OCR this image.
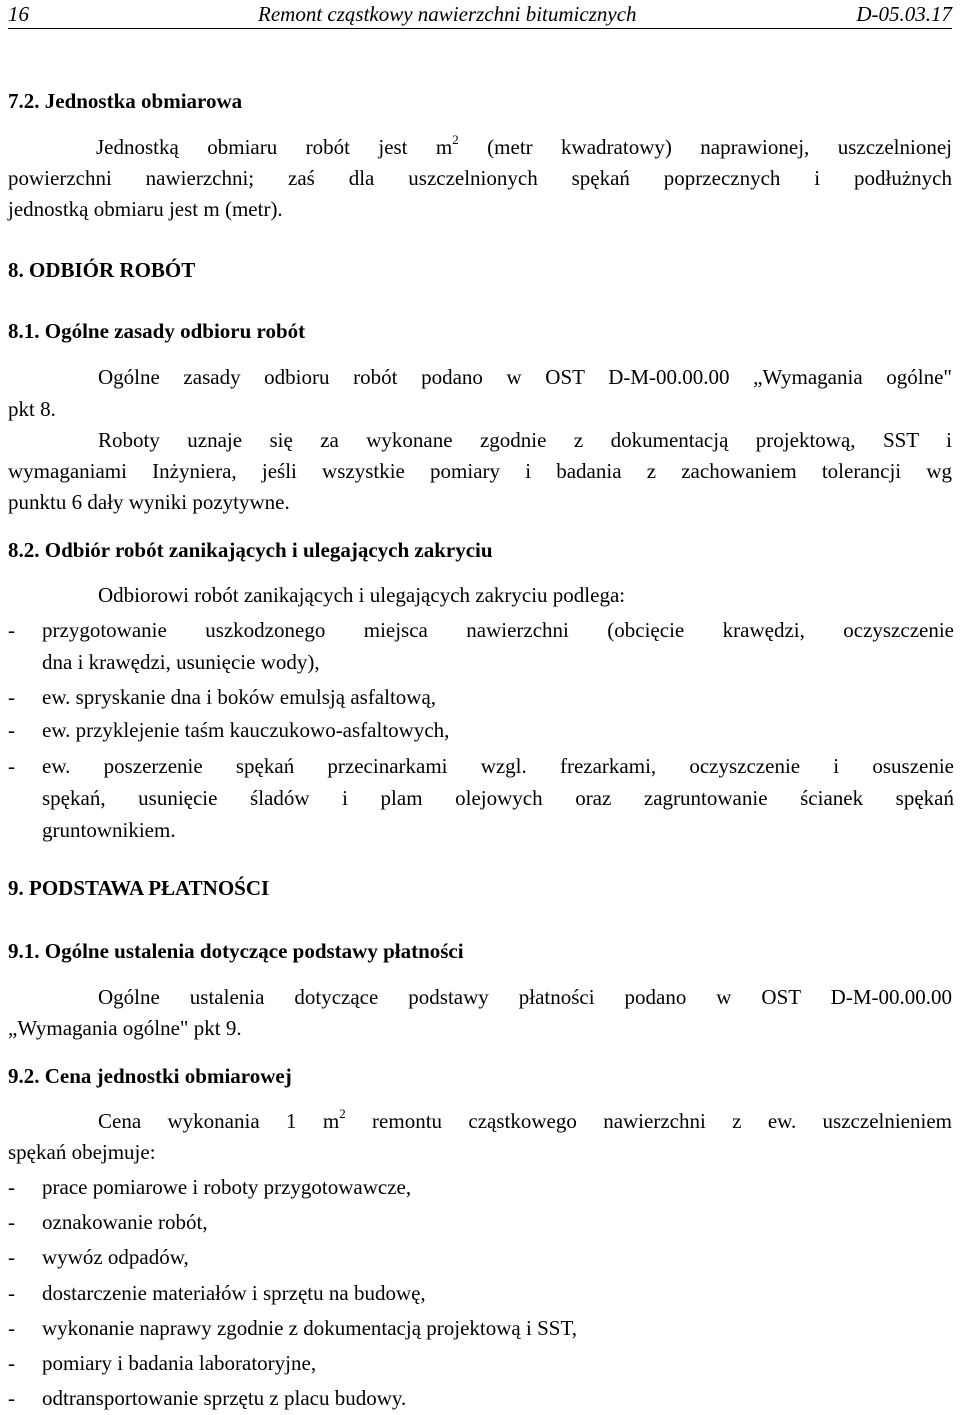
16	Remont cząstkowy nawierzchni bitumicznych	D-05.03.17
7.2. Jednostka obmiarowa
Jednostką obmiaru robót jest $m^2$ (metr kwadratowy) naprawionej, uszczelnionej
powierzchni nawierzchni; zaś dla uszczelnionych spękań poprzecznych i podłużnych
jednostką obmiaru jest m (metr).
8. ODBIÓR ROBÓT
8.1. Ogólne zasady odbioru robót
Ogólne zasady odbioru robót podano w OST D-M-00.00.00 „Wymagania ogólne"
pkt 8.
Roboty uznaje się za wykonane zgodnie z dokumentacją projektową, SST i
wymaganiami Inżyniera, jeśli wszystkie pomiary i badania z zachowaniem tolerancji wg
punktu 6 dały wyniki pozytywne.
8.2. Odbiór robót zanikających i ulegających zakryciu
Odbiorowi robót zanikających i ulegających zakryciu podlega:
- przygotowanie uszkodzonego miejsca nawierzchni (obcięcie krawędzi, oczyszczenie
dna i krawędzi, usunięcie wody),
- ew. spryskanie dna i boków emulsją asfaltową,
- ew. przyklejenie taśm kauczukowo-asfaltowych,
- ew. poszerzenie spękań przecinarkami wzgl. frezarkami, oczyszczenie i osuszenie
spękań, usunięcie śladów i plam olejowych oraz zagruntowanie ścianek spękań
gruntownikiem.
9. PODSTAWA PŁATNOŚCI
9.1. Ogólne ustalenia dotyczące podstawy płatności
Ogólne ustalenia dotyczące podstawy płatności podano w OST D-M-00.00.00
„Wymagania ogólne" pkt 9.
9.2. Cena jednostki obmiarowej
Cena wykonania 1 $m^2$ remontu cząstkowego nawierzchni z ew. uszczelnieniem
spękań obejmuje:
- prace pomiarowe i roboty przygotowawcze,
- oznakowanie robót,
- wywóz odpadów,
- dostarczenie materiałów i sprzętu na budowę,
- wykonanie naprawy zgodnie z dokumentacją projektową i SST,
- pomiary i badania laboratoryjne,
- odtransportowanie sprzętu z placu budowy.
